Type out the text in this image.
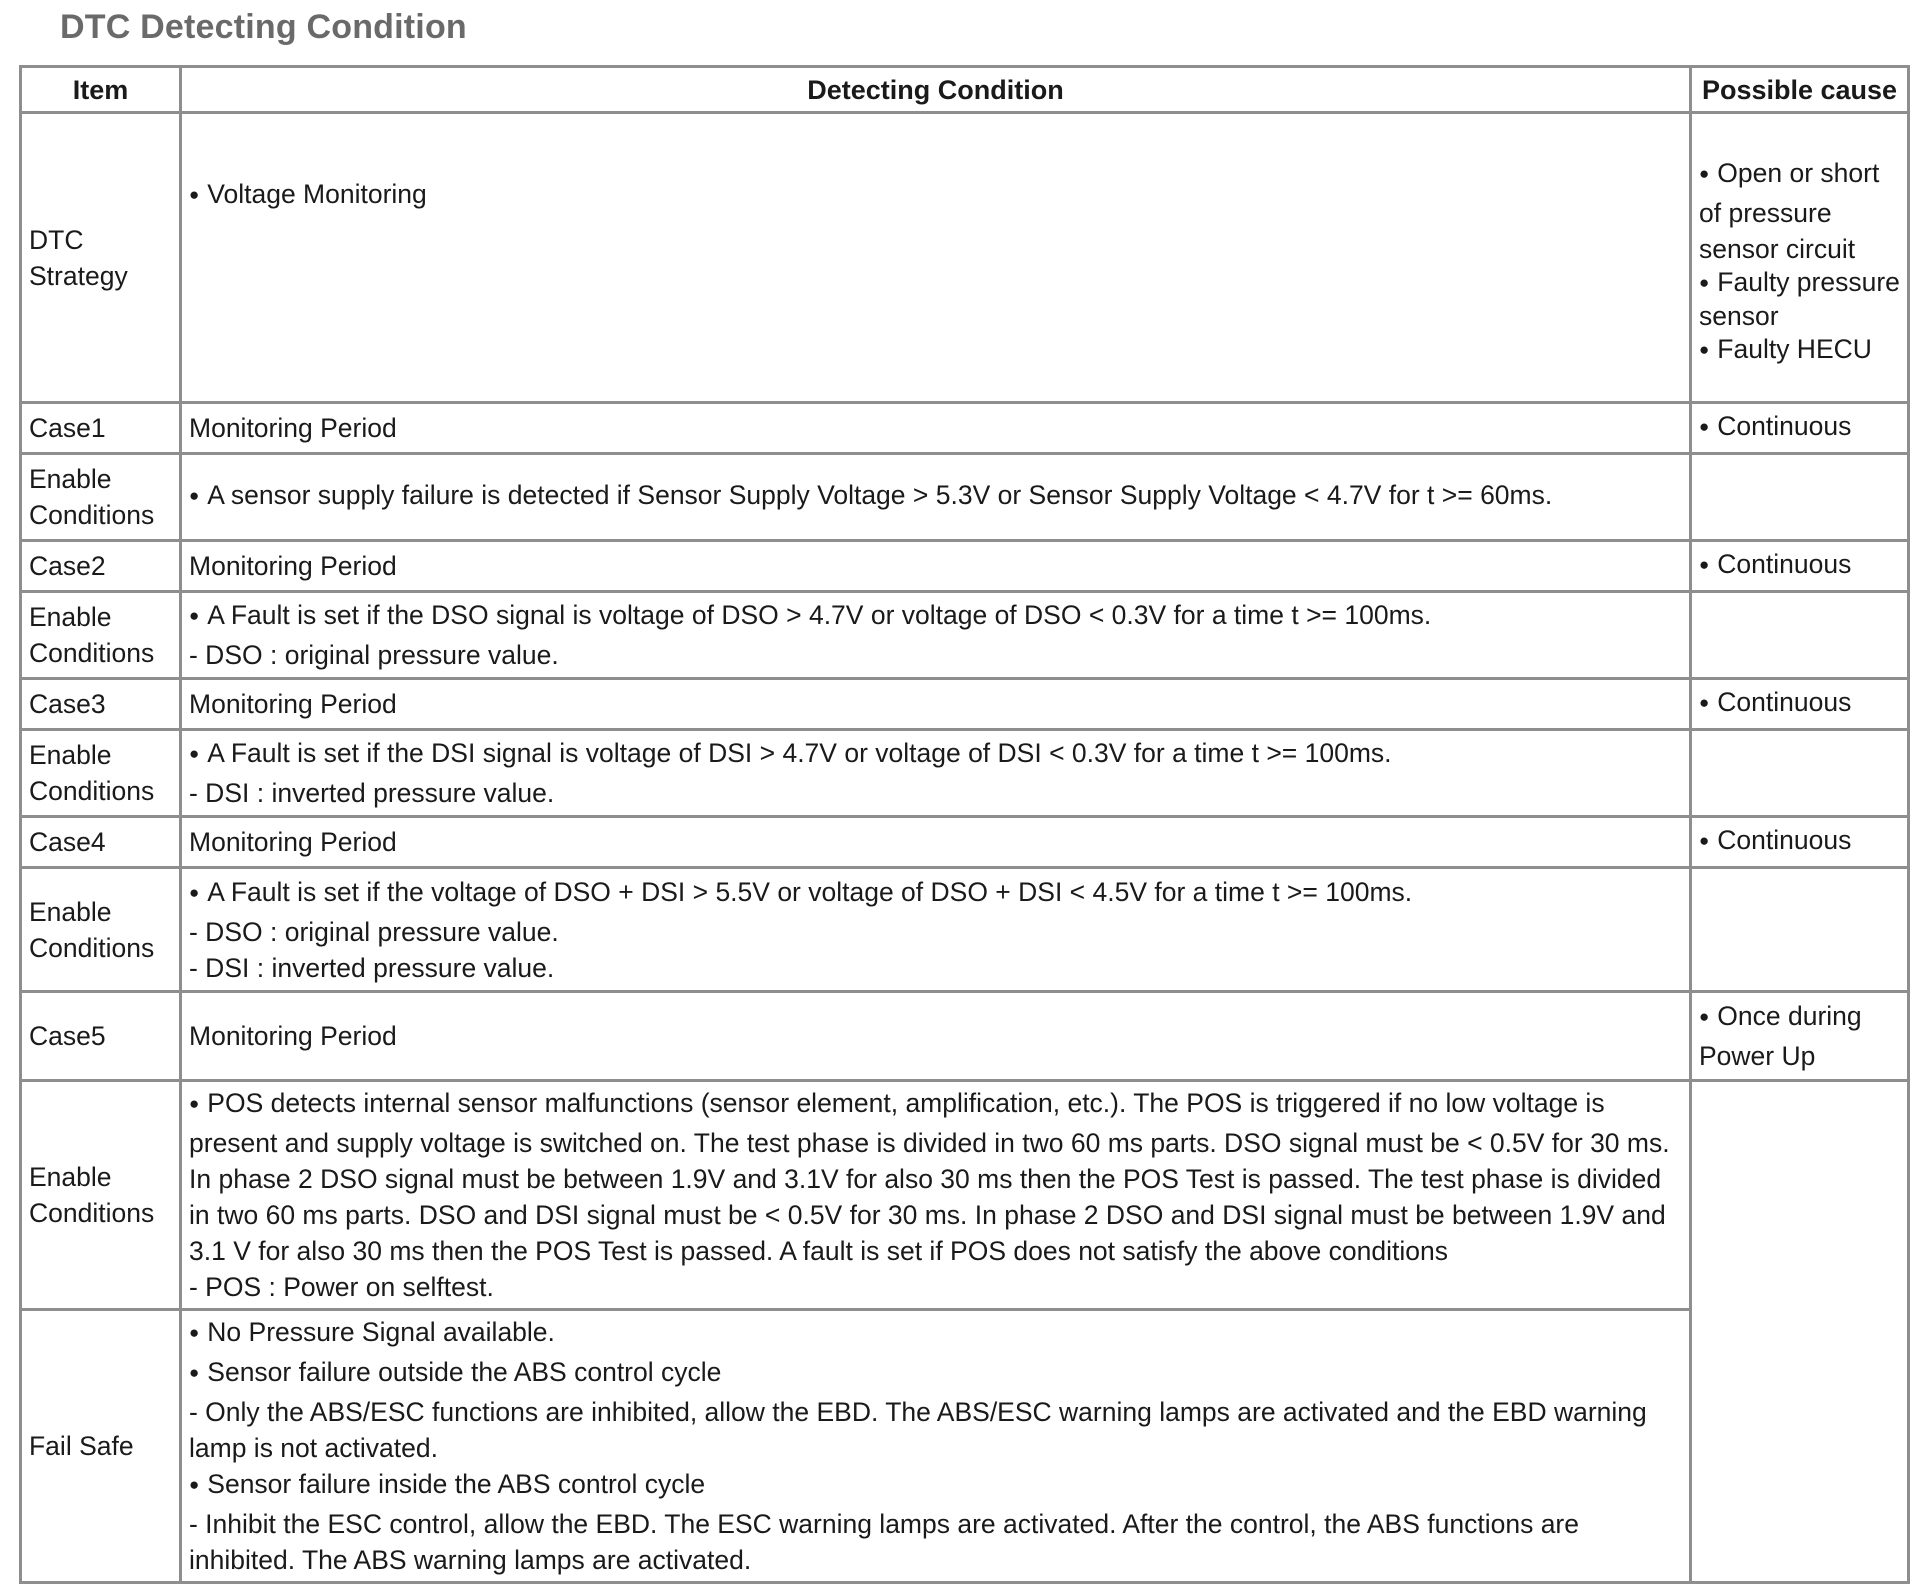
DTC Detecting Condition
Item	Detecting Condition	Possible cause
DTC Strategy	● Voltage Monitoring	● Open or short of pressure sensor circuit
● Faulty pressure sensor
● Faulty HECU

Case1	Monitoring Period	● Continuous

Enable Conditions	● A sensor supply failure is detected if Sensor Supply Voltage > 5.3V or Sensor Supply Voltage < 4.7V for t >= 60ms.

Case2	Monitoring Period	● Continuous

Enable Conditions	● A Fault is set if the DSO signal is voltage of DSO > 4.7V or voltage of DSO < 0.3V for a time t >= 100ms.
- DSO : original pressure value.

Case3	Monitoring Period	● Continuous

Enable Conditions	● A Fault is set if the DSI signal is voltage of DSI > 4.7V or voltage of DSI < 0.3V for a time t >= 100ms.
- DSI : inverted pressure value.

Case4	Monitoring Period	● Continuous

Enable Conditions	● A Fault is set if the voltage of DSO + DSI > 5.5V or voltage of DSO + DSI < 4.5V for a time t >= 100ms.
- DSO : original pressure value.
- DSI : inverted pressure value.

Case5	Monitoring Period	● Once during Power Up

Enable Conditions	● POS detects internal sensor malfunctions (sensor element, amplification, etc.). The POS is triggered if no low voltage is present and supply voltage is switched on. The test phase is divided in two 60 ms parts. DSO signal must be < 0.5V for 30 ms. In phase 2 DSO signal must be between 1.9V and 3.1V for also 30 ms then the POS Test is passed. The test phase is divided in two 60 ms parts. DSO and DSI signal must be < 0.5V for 30 ms. In phase 2 DSO and DSI signal must be between 1.9V and 3.1 V for also 30 ms then the POS Test is passed. A fault is set if POS does not satisfy the above conditions
- POS : Power on selftest.

Fail Safe	● No Pressure Signal available.
● Sensor failure outside the ABS control cycle
- Only the ABS/ESC functions are inhibited, allow the EBD. The ABS/ESC warning lamps are activated and the EBD warning lamp is not activated.
● Sensor failure inside the ABS control cycle
- Inhibit the ESC control, allow the EBD. The ESC warning lamps are activated. After the control, the ABS functions are inhibited. The ABS warning lamps are activated.
